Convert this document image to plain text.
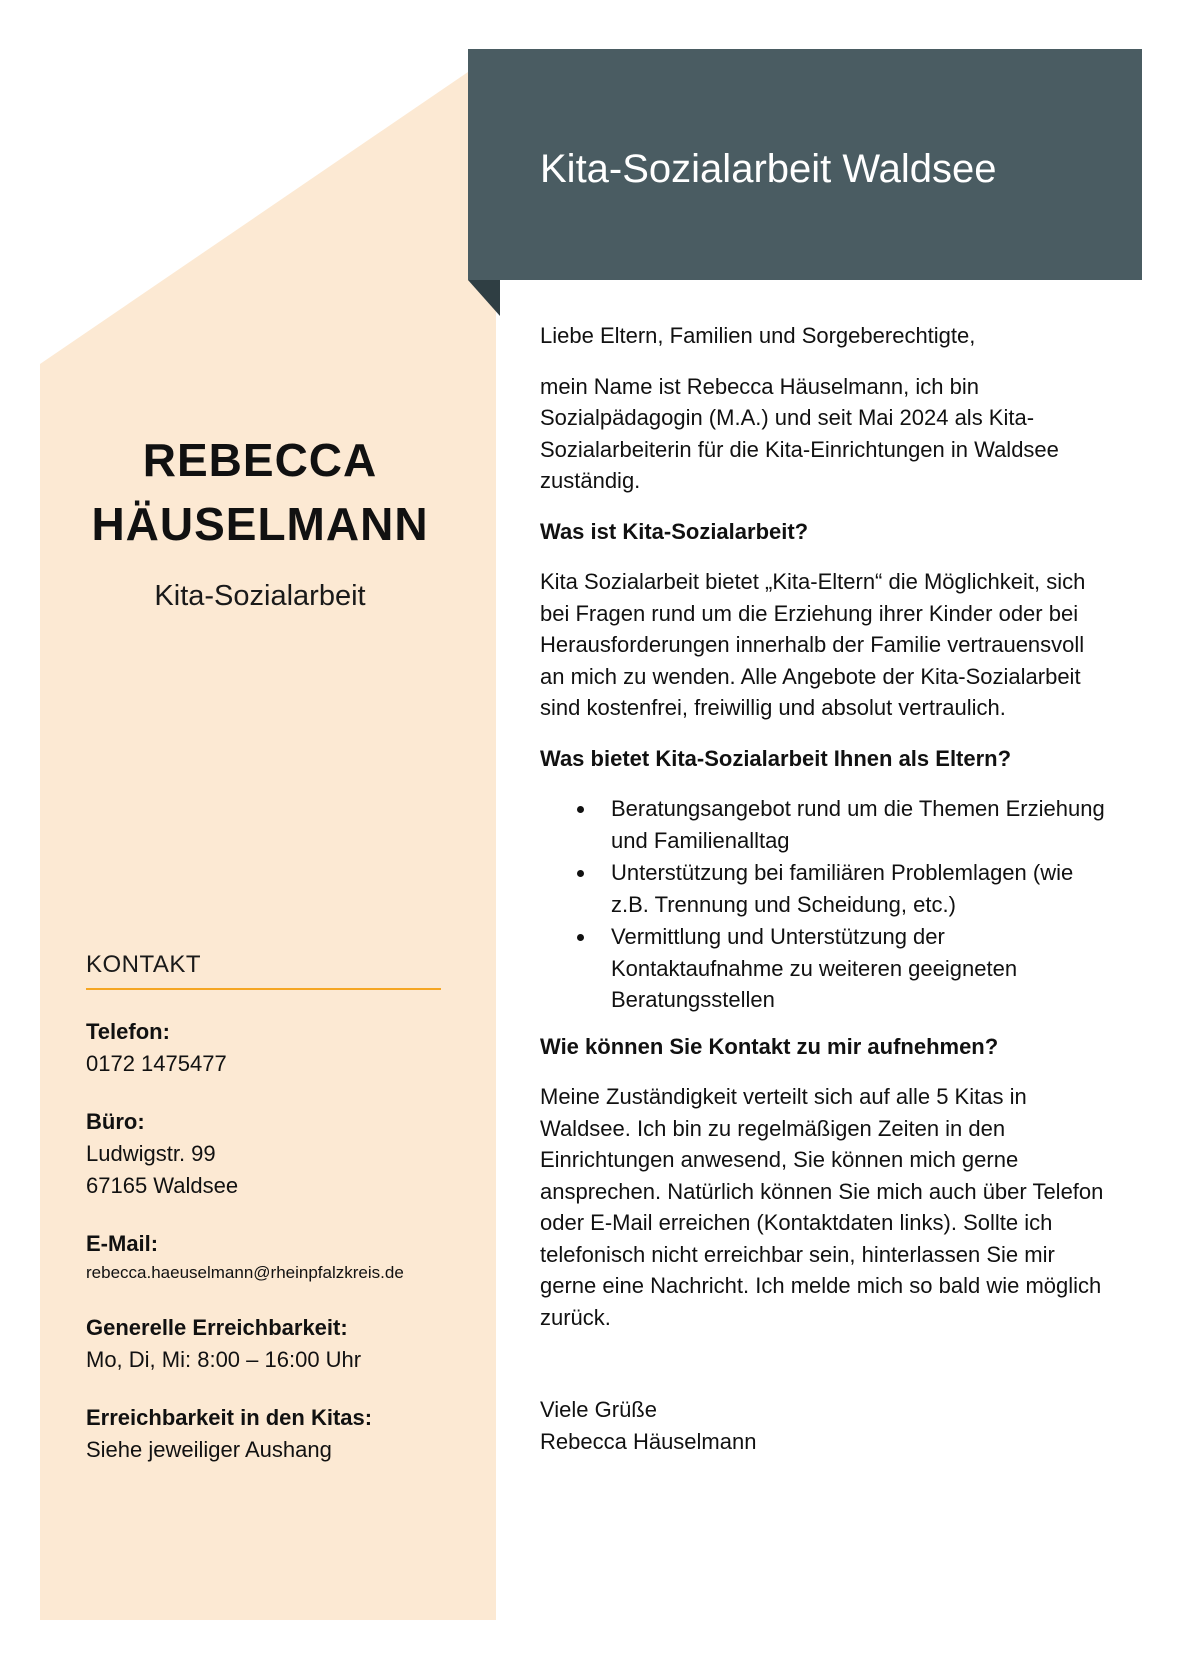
Kita-Sozialarbeit Waldsee
REBECCA
HÄUSELMANN
Kita-Sozialarbeit
KONTAKT
Telefon:
0172 1475477
Büro:
Ludwigstr. 99
67165 Waldsee
E-Mail:
rebecca.haeuselmann@rheinpfalzkreis.de
Generelle Erreichbarkeit:
Mo, Di, Mi: 8:00 – 16:00 Uhr
Erreichbarkeit in den Kitas:
Siehe jeweiliger Aushang

Liebe Eltern, Familien und Sorgeberechtigte,

mein Name ist Rebecca Häuselmann, ich bin Sozialpädagogin (M.A.) und seit Mai 2024 als Kita-Sozialarbeiterin für die Kita-Einrichtungen in Waldsee zuständig.

Was ist Kita-Sozialarbeit?

Kita Sozialarbeit bietet „Kita-Eltern“ die Möglichkeit, sich bei Fragen rund um die Erziehung ihrer Kinder oder bei Herausforderungen innerhalb der Familie vertrauensvoll an mich zu wenden. Alle Angebote der Kita-Sozialarbeit sind kostenfrei, freiwillig und absolut vertraulich.

Was bietet Kita-Sozialarbeit Ihnen als Eltern?
Beratungsangebot rund um die Themen Erziehung und Familienalltag
Unterstützung bei familiären Problemlagen (wie z.B. Trennung und Scheidung, etc.)
Vermittlung und Unterstützung der Kontaktaufnahme zu weiteren geeigneten Beratungsstellen
Wie können Sie Kontakt zu mir aufnehmen?

Meine Zuständigkeit verteilt sich auf alle 5 Kitas in Waldsee. Ich bin zu regelmäßigen Zeiten in den Einrichtungen anwesend, Sie können mich gerne ansprechen. Natürlich können Sie mich auch über Telefon oder E-Mail erreichen (Kontaktdaten links). Sollte ich telefonisch nicht erreichbar sein, hinterlassen Sie mir gerne eine Nachricht. Ich melde mich so bald wie möglich zurück.

Viele Grüße
Rebecca Häuselmann
